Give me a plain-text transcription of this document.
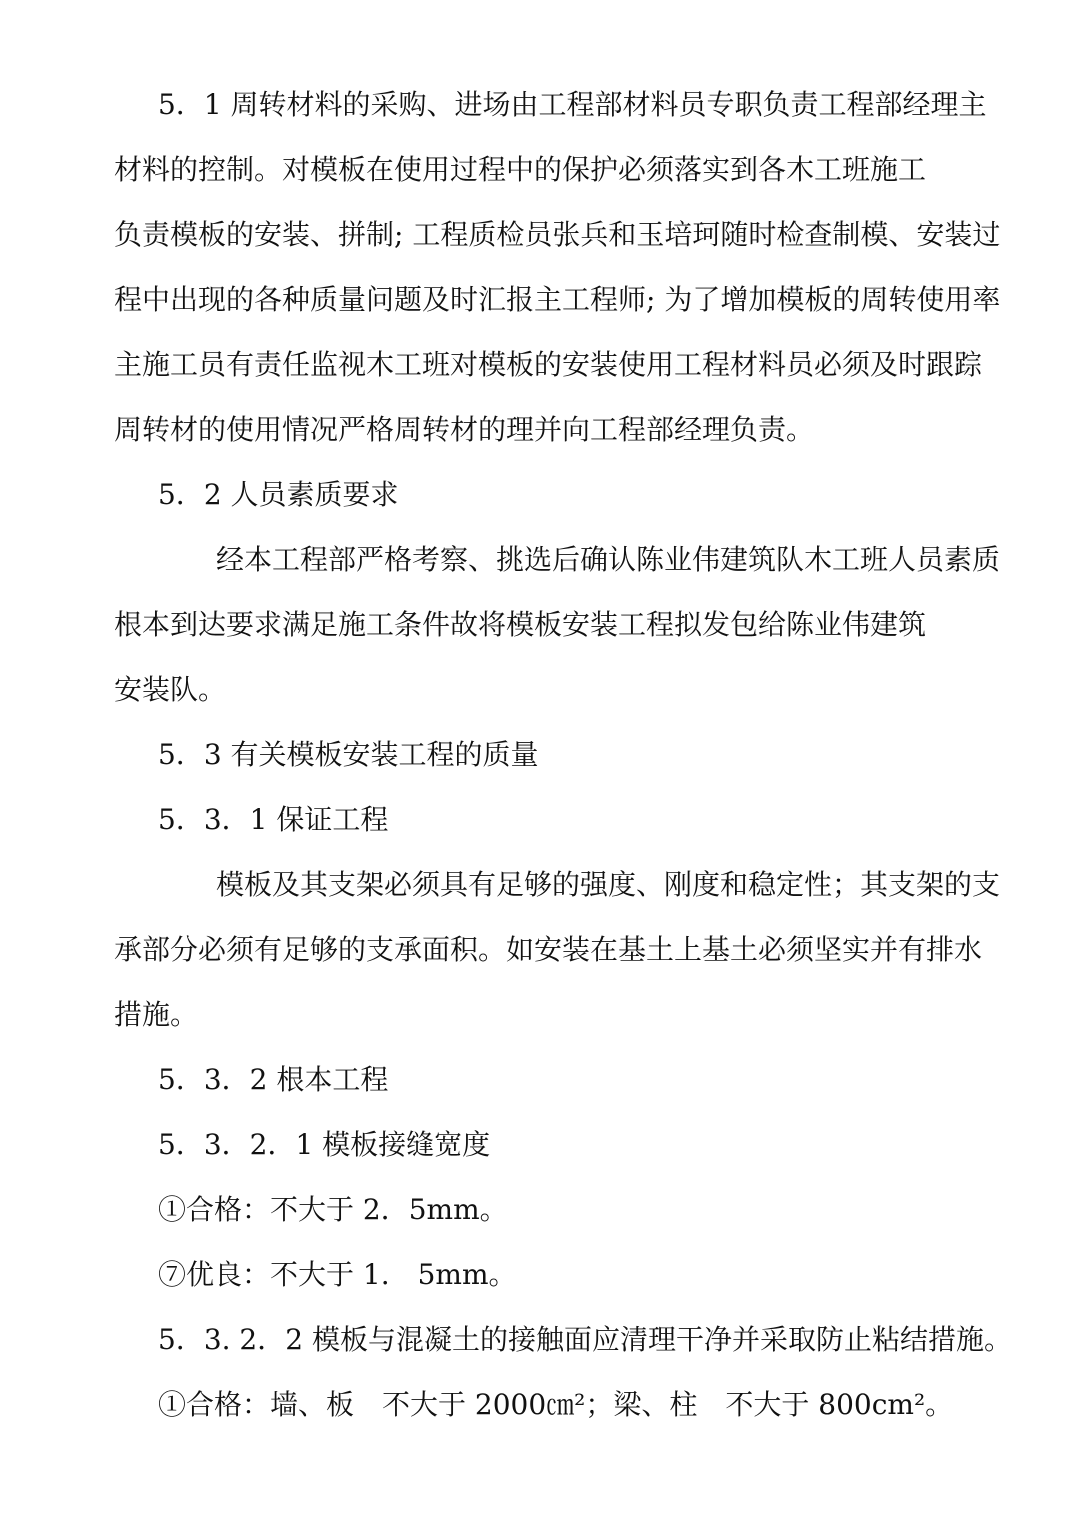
5．1 周转材料的采购、进场由工程部材料员专职负责工程部经理主
材料的控制。对模板在使用过程中的保护必须落实到各木工班施工
负责模板的安装、拼制; 工程质检员张兵和玉培珂随时检查制模、安装过
程中出现的各种质量问题及时汇报主工程师; 为了增加模板的周转使用率
主施工员有责任监视木工班对模板的安装使用工程材料员必须及时跟踪
周转材的使用情况严格周转材的理并向工程部经理负责。
5．2 人员素质要求
经本工程部严格考察、挑选后确认陈业伟建筑队木工班人员素质
根本到达要求满足施工条件故将模板安装工程拟发包给陈业伟建筑
安装队。
5．3 有关模板安装工程的质量
5．3．1 保证工程
模板及其支架必须具有足够的强度、刚度和稳定性；其支架的支
承部分必须有足够的支承面积。如安装在基土上基土必须坚实并有排水
措施。
5．3．2 根本工程
5．3．2．1 模板接缝宽度
①合格：不大于 2．5mm。
⑦优良：不大于 1.　5mm。
5．3. 2．2 模板与混凝土的接触面应清理干净并采取防止粘结措施。
①合格：墙、板　不大于 2000㎝²；梁、柱　不大于 800cm²。
